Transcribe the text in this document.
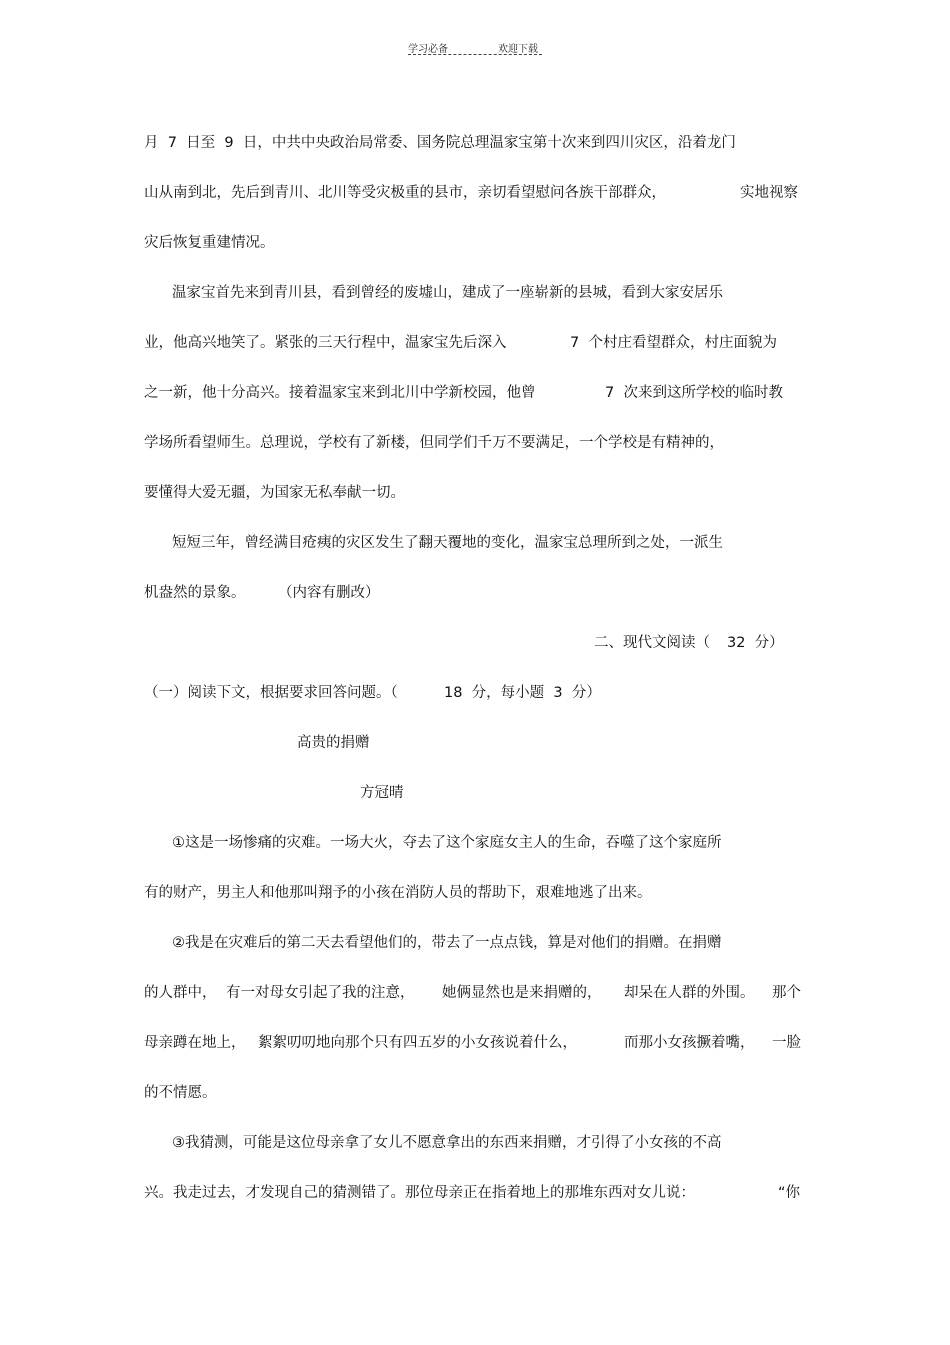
学习必备	欢迎下载
月  7  日至  9  日，中共中央政治局常委、国务院总理温家宝第十次来到四川灾区，沿着龙门
山从南到北，先后到青川、北川等受灾极重的县市，亲切看望慰问各族干部群众，	实地视察
灾后恢复重建情况。
温家宝首先来到青川县，看到曾经的废墟山，建成了一座崭新的县城，看到大家安居乐
业，他高兴地笑了。紧张的三天行程中，温家宝先后深入	7  个村庄看望群众，村庄面貌为
之一新，他十分高兴。接着温家宝来到北川中学新校园，他曾	7  次来到这所学校的临时教
学场所看望师生。总理说，学校有了新楼，但同学们千万不要满足，一个学校是有精神的，
要懂得大爱无疆，为国家无私奉献一切。
短短三年，曾经满目疮痍的灾区发生了翻天覆地的变化，温家宝总理所到之处，一派生
机盎然的景象。 （内容有删改）
二、现代文阅读（ 32  分）
（一）阅读下文，根据要求回答问题。（	18  分，每小题  3  分）
高贵的捐赠
方冠晴
①这是一场惨痛的灾难。一场大火，夺去了这个家庭女主人的生命，吞噬了这个家庭所
有的财产，男主人和他那叫翔予的小孩在消防人员的帮助下，艰难地逃了出来。
②我是在灾难后的第二天去看望他们的，带去了一点点钱，算是对他们的捐赠。在捐赠
的人群中， 有一对母女引起了我的注意， 她俩显然也是来捐赠的， 却呆在人群的外围。 那个
母亲蹲在地上， 絮絮叨叨地向那个只有四五岁的小女孩说着什么，	而那小女孩撅着嘴， 一脸
的不情愿。
③我猜测，可能是这位母亲拿了女儿不愿意拿出的东西来捐赠，才引得了小女孩的不高
兴。我走过去，才发现自己的猜测错了。那位母亲正在指着地上的那堆东西对女儿说：	“你
